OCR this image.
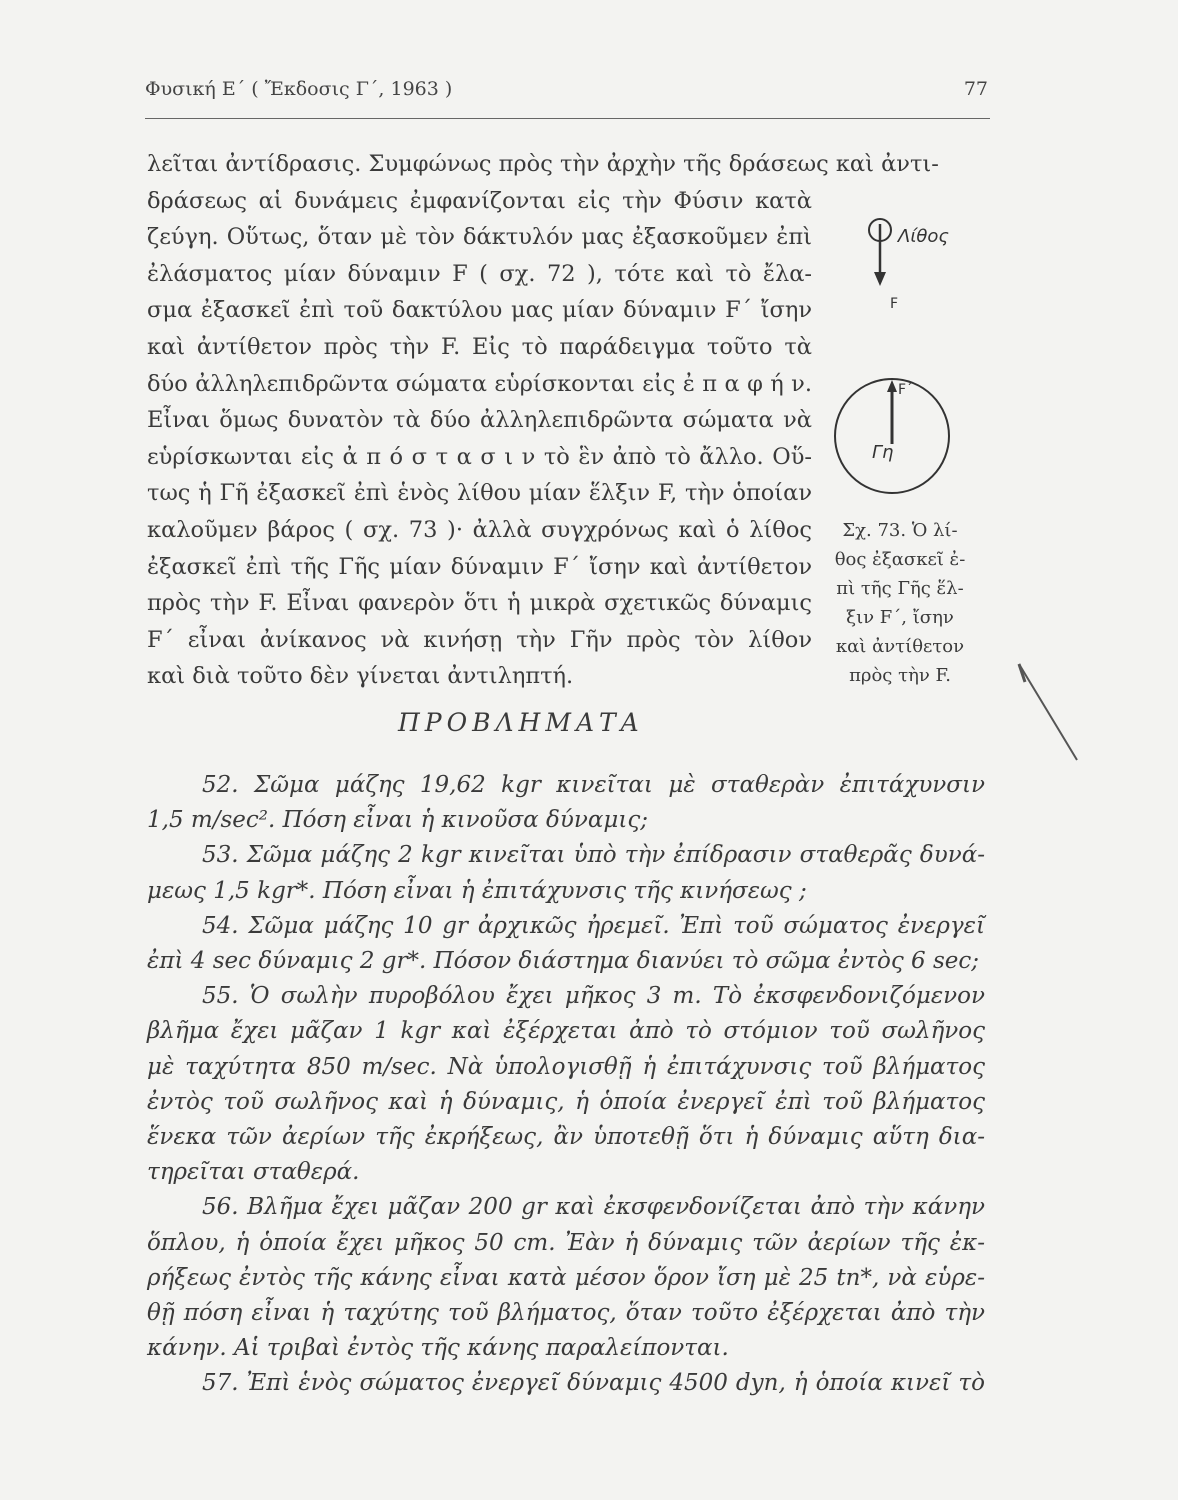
Φυσική Ε΄ ( Ἔκδοσις Γ΄, 1963 )	77
λεῖται ἀντίδρασις. Συμφώνως πρὸς τὴν ἀρχὴν τῆς δράσεως καὶ ἀντι-
δράσεως αἱ δυνάμεις ἐμφανίζονται εἰς τὴν Φύσιν κατὰ
ζεύγη. Οὕτως, ὅταν μὲ τὸν δάκτυλόν μας ἐξασκοῦμεν ἐπὶ
ἐλάσματος μίαν δύναμιν F ( σχ. 72 ), τότε καὶ τὸ ἔλα-
σμα ἐξασκεῖ ἐπὶ τοῦ δακτύλου μας μίαν δύναμιν F΄ ἴσην
καὶ ἀντίθετον πρὸς τὴν F. Εἰς τὸ παράδειγμα τοῦτο τὰ
δύο ἀλληλεπιδρῶντα σώματα εὑρίσκονται εἰς ἐ π α φ ή ν.
Εἶναι ὅμως δυνατὸν τὰ δύο ἀλληλεπιδρῶντα σώματα νὰ
εὑρίσκωνται εἰς ἀ π ό σ τ α σ ι ν τὸ ἓν ἀπὸ τὸ ἄλλο. Οὕ-
τως ἡ Γῆ ἐξασκεῖ ἐπὶ ἑνὸς λίθου μίαν ἕλξιν F, τὴν ὁποίαν
καλοῦμεν βάρος ( σχ. 73 )· ἀλλὰ συγχρόνως καὶ ὁ λίθος
ἐξασκεῖ ἐπὶ τῆς Γῆς μίαν δύναμιν F΄ ἴσην καὶ ἀντίθετον
πρὸς τὴν F. Εἶναι φανερὸν ὅτι ἡ μικρὰ σχετικῶς δύναμις
F΄ εἶναι ἀνίκανος νὰ κινήσῃ τὴν Γῆν πρὸς τὸν λίθον
καὶ διὰ τοῦτο δὲν γίνεται ἀντιληπτή.
Λίθος
F
F΄
Γη
Σχ. 73. Ὁ λί-
θος ἐξασκεῖ ἐ-
πὶ τῆς Γῆς ἕλ-
ξιν F΄, ἴσην
καὶ ἀντίθετον
πρὸς τὴν F.
ΠΡΟΒΛΗΜΑΤΑ
52. Σῶμα μάζης 19,62 kgr κινεῖται μὲ σταθερὰν ἐπιτάχυνσιν
1,5 m/sec². Πόση εἶναι ἡ κινοῦσα δύναμις;
53. Σῶμα μάζης 2 kgr κινεῖται ὑπὸ τὴν ἐπίδρασιν σταθερᾶς δυνά-
μεως 1,5 kgr*. Πόση εἶναι ἡ ἐπιτάχυνσις τῆς κινήσεως ;
54. Σῶμα μάζης 10 gr ἀρχικῶς ἠρεμεῖ. Ἐπὶ τοῦ σώματος ἐνεργεῖ
ἐπὶ 4 sec δύναμις 2 gr*. Πόσον διάστημα διανύει τὸ σῶμα ἐντὸς 6 sec;
55. Ὁ σωλὴν πυροβόλου ἔχει μῆκος 3 m. Τὸ ἐκσφενδονιζόμενον
βλῆμα ἔχει μᾶζαν 1 kgr καὶ ἐξέρχεται ἀπὸ τὸ στόμιον τοῦ σωλῆνος
μὲ ταχύτητα 850 m/sec. Νὰ ὑπολογισθῇ ἡ ἐπιτάχυνσις τοῦ βλήματος
ἐντὸς τοῦ σωλῆνος καὶ ἡ δύναμις, ἡ ὁποία ἐνεργεῖ ἐπὶ τοῦ βλήματος
ἕνεκα τῶν ἀερίων τῆς ἐκρήξεως, ἂν ὑποτεθῇ ὅτι ἡ δύναμις αὕτη δια-
τηρεῖται σταθερά.
56. Βλῆμα ἔχει μᾶζαν 200 gr καὶ ἐκσφενδονίζεται ἀπὸ τὴν κάνην
ὅπλου, ἡ ὁποία ἔχει μῆκος 50 cm. Ἐὰν ἡ δύναμις τῶν ἀερίων τῆς ἐκ-
ρήξεως ἐντὸς τῆς κάνης εἶναι κατὰ μέσον ὅρον ἴση μὲ 25 tn*, νὰ εὑρε-
θῇ πόση εἶναι ἡ ταχύτης τοῦ βλήματος, ὅταν τοῦτο ἐξέρχεται ἀπὸ τὴν
κάνην. Αἱ τριβαὶ ἐντὸς τῆς κάνης παραλείπονται.
57. Ἐπὶ ἑνὸς σώματος ἐνεργεῖ δύναμις 4500 dyn, ἡ ὁποία κινεῖ τὸ
